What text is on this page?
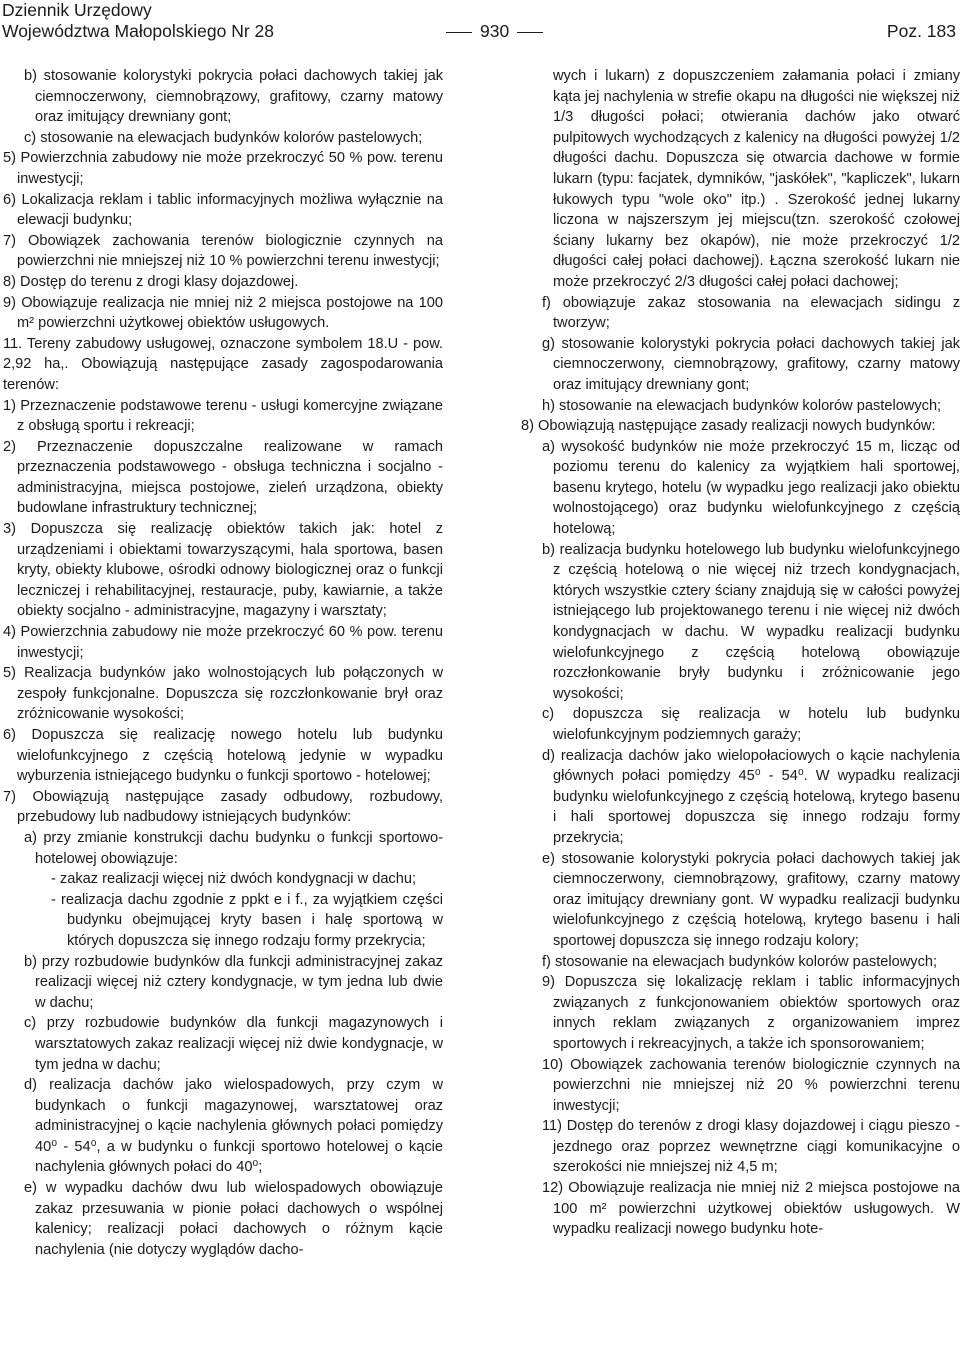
Dziennik Urzędowy
Województwa Małopolskiego Nr 28	930	Poz. 183

b) stosowanie kolorystyki pokrycia połaci dachowych takiej jak ciemnoczerwony, ciemnobrązowy, grafitowy, czarny matowy oraz imitujący drewniany gont;

c) stosowanie na elewacjach budynków kolorów pastelowych;

5) Powierzchnia zabudowy nie może przekroczyć 50 % pow. terenu inwestycji;

6) Lokalizacja reklam i tablic informacyjnych możliwa wyłącznie na elewacji budynku;

7) Obowiązek zachowania terenów biologicznie czynnych na powierzchni nie mniejszej niż 10 % powierzchni terenu inwestycji;

8) Dostęp do terenu z drogi klasy dojazdowej.

9) Obowiązuje realizacja nie mniej niż 2 miejsca postojowe na 100 m² powierzchni użytkowej obiektów usługowych.

11. Tereny zabudowy usługowej, oznaczone symbolem 18.U - pow. 2,92 ha,. Obowiązują następujące zasady zagospodarowania terenów:

1) Przeznaczenie podstawowe terenu - usługi komercyjne związane z obsługą sportu i rekreacji;

2) Przeznaczenie dopuszczalne realizowane w ramach przeznaczenia podstawowego - obsługa techniczna i socjalno - administracyjna, miejsca postojowe, zieleń urządzona, obiekty budowlane infrastruktury technicznej;

3) Dopuszcza się realizację obiektów takich jak: hotel z urządzeniami i obiektami towarzyszącymi, hala sportowa, basen kryty, obiekty klubowe, ośrodki odnowy biologicznej oraz o funkcji leczniczej i rehabilitacyjnej, restauracje, puby, kawiarnie, a także obiekty socjalno - administracyjne, magazyny i warsztaty;

4) Powierzchnia zabudowy nie może przekroczyć 60 % pow. terenu inwestycji;

5) Realizacja budynków jako wolnostojących lub połączonych w zespoły funkcjonalne. Dopuszcza się rozczłonkowanie brył oraz zróżnicowanie wysokości;

6) Dopuszcza się realizację nowego hotelu lub budynku wielofunkcyjnego z częścią hotelową jedynie w wypadku wyburzenia istniejącego budynku o funkcji sportowo - hotelowej;

7) Obowiązują następujące zasady odbudowy, rozbudowy, przebudowy lub nadbudowy istniejących budynków:

a) przy zmianie konstrukcji dachu budynku o funkcji sportowo- hotelowej obowiązuje:

- zakaz realizacji więcej niż dwóch kondygnacji w dachu;

- realizacja dachu zgodnie z ppkt e i f., za wyjątkiem części budynku obejmującej kryty basen i halę sportową w których dopuszcza się innego rodzaju formy przekrycia;

b) przy rozbudowie budynków dla funkcji administracyjnej zakaz realizacji więcej niż cztery kondygnacje, w tym jedna lub dwie w dachu;

c) przy rozbudowie budynków dla funkcji magazynowych i warsztatowych zakaz realizacji więcej niż dwie kondygnacje, w tym jedna w dachu;

d) realizacja dachów jako wielospadowych, przy czym w budynkach o funkcji magazynowej, warsztatowej oraz administracyjnej o kącie nachylenia głównych połaci pomiędzy 40⁰ - 54⁰, a w budynku o funkcji sportowo hotelowej o kącie nachylenia głównych połaci do 40⁰;

e) w wypadku dachów dwu lub wielospadowych obowiązuje zakaz przesuwania w pionie połaci dachowych o wspólnej kalenicy; realizacji połaci dachowych o różnym kącie nachylenia (nie dotyczy wyglądów dacho-

wych i lukarn) z dopuszczeniem załamania połaci i zmiany kąta jej nachylenia w strefie okapu na długości nie większej niż 1/3 długości połaci; otwierania dachów jako otwarć pulpitowych wychodzących z kalenicy na długości powyżej 1/2 długości dachu. Dopuszcza się otwarcia dachowe w formie lukarn (typu: facjatek, dymników, "jaskółek", "kapliczek", lukarn łukowych typu "wole oko" itp.) . Szerokość jednej lukarny liczona w najszerszym jej miejscu(tzn. szerokość czołowej ściany lukarny bez okapów), nie może przekroczyć 1/2 długości całej połaci dachowej). Łączna szerokość lukarn nie może przekroczyć 2/3 długości całej połaci dachowej;

f) obowiązuje zakaz stosowania na elewacjach sidingu z tworzyw;

g) stosowanie kolorystyki pokrycia połaci dachowych takiej jak ciemnoczerwony, ciemnobrązowy, grafitowy, czarny matowy oraz imitujący drewniany gont;

h) stosowanie na elewacjach budynków kolorów pastelowych;

8) Obowiązują następujące zasady realizacji nowych budynków:

a) wysokość budynków nie może przekroczyć 15 m, licząc od poziomu terenu do kalenicy za wyjątkiem hali sportowej, basenu krytego, hotelu (w wypadku jego realizacji jako obiektu wolnostojącego) oraz budynku wielofunkcyjnego z częścią hotelową;

b) realizacja budynku hotelowego lub budynku wielofunkcyjnego z częścią hotelową o nie więcej niż trzech kondygnacjach, których wszystkie cztery ściany znajdują się w całości powyżej istniejącego lub projektowanego terenu i nie więcej niż dwóch kondygnacjach w dachu. W wypadku realizacji budynku wielofunkcyjnego z częścią hotelową obowiązuje rozczłonkowanie bryły budynku i zróżnicowanie jego wysokości;

c) dopuszcza się realizacja w hotelu lub budynku wielofunkcyjnym podziemnych garaży;

d) realizacja dachów jako wielopołaciowych o kącie nachylenia głównych połaci pomiędzy 45⁰ - 54⁰. W wypadku realizacji budynku wielofunkcyjnego z częścią hotelową, krytego basenu i hali sportowej dopuszcza się innego rodzaju formy przekrycia;

e) stosowanie kolorystyki pokrycia połaci dachowych takiej jak ciemnoczerwony, ciemnobrązowy, grafitowy, czarny matowy oraz imitujący drewniany gont. W wypadku realizacji budynku wielofunkcyjnego z częścią hotelową, krytego basenu i hali sportowej dopuszcza się innego rodzaju kolory;

f) stosowanie na elewacjach budynków kolorów pastelowych;

9) Dopuszcza się lokalizację reklam i tablic informacyjnych związanych z funkcjonowaniem obiektów sportowych oraz innych reklam związanych z organizowaniem imprez sportowych i rekreacyjnych, a także ich sponsorowaniem;

10) Obowiązek zachowania terenów biologicznie czynnych na powierzchni nie mniejszej niż 20 % powierzchni terenu inwestycji;

11) Dostęp do terenów z drogi klasy dojazdowej i ciągu pieszo - jezdnego oraz poprzez wewnętrzne ciągi komunikacyjne o szerokości nie mniejszej niż 4,5 m;

12) Obowiązuje realizacja nie mniej niż 2 miejsca postojowe na 100 m² powierzchni użytkowej obiektów usługowych. W wypadku realizacji nowego budynku hote-
